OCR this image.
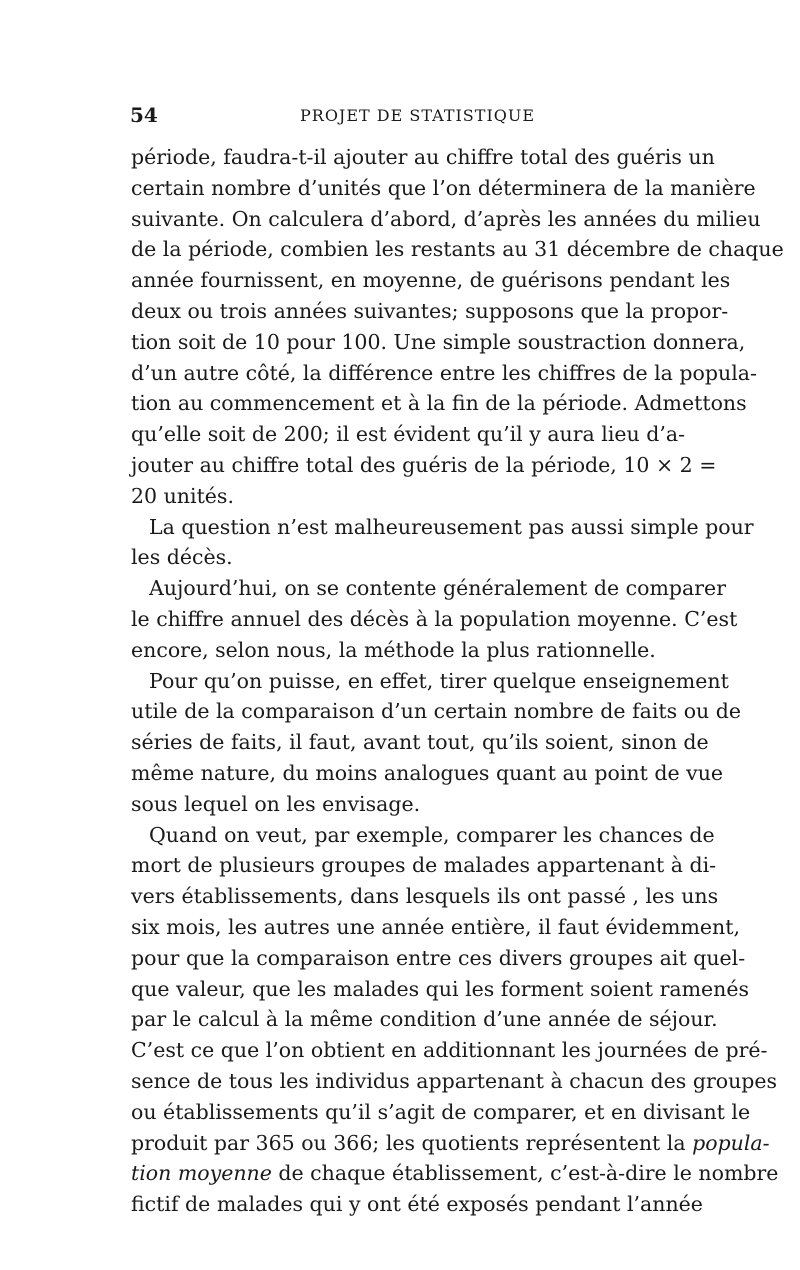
54	PROJET DE STATISTIQUE
période, faudra-t-il ajouter au chiffre total des guéris un
certain nombre d’unités que l’on déterminera de la manière
suivante. On calculera d’abord, d’après les années du milieu
de la période, combien les restants au 31 décembre de chaque
année fournissent, en moyenne, de guérisons pendant les
deux ou trois années suivantes; supposons que la propor-
tion soit de 10 pour 100. Une simple soustraction donnera,
d’un autre côté, la différence entre les chiffres de la popula-
tion au commencement et à la fin de la période. Admettons
qu’elle soit de 200; il est évident qu’il y aura lieu d’a-
jouter au chiffre total des guéris de la période, 10 × 2 =
20 unités.
La question n’est malheureusement pas aussi simple pour
les décès.
Aujourd’hui, on se contente généralement de comparer
le chiffre annuel des décès à la population moyenne. C’est
encore, selon nous, la méthode la plus rationnelle.
Pour qu’on puisse, en effet, tirer quelque enseignement
utile de la comparaison d’un certain nombre de faits ou de
séries de faits, il faut, avant tout, qu’ils soient, sinon de
même nature, du moins analogues quant au point de vue
sous lequel on les envisage.
Quand on veut, par exemple, comparer les chances de
mort de plusieurs groupes de malades appartenant à di-
vers établissements, dans lesquels ils ont passé , les uns
six mois, les autres une année entière, il faut évidemment,
pour que la comparaison entre ces divers groupes ait quel-
que valeur, que les malades qui les forment soient ramenés
par le calcul à la même condition d’une année de séjour.
C’est ce que l’on obtient en additionnant les journées de pré-
sence de tous les individus appartenant à chacun des groupes
ou établissements qu’il s’agit de comparer, et en divisant le
produit par 365 ou 366; les quotients représentent la popula-
tion moyenne de chaque établissement, c’est-à-dire le nombre
fictif de malades qui y ont été exposés pendant l’année
